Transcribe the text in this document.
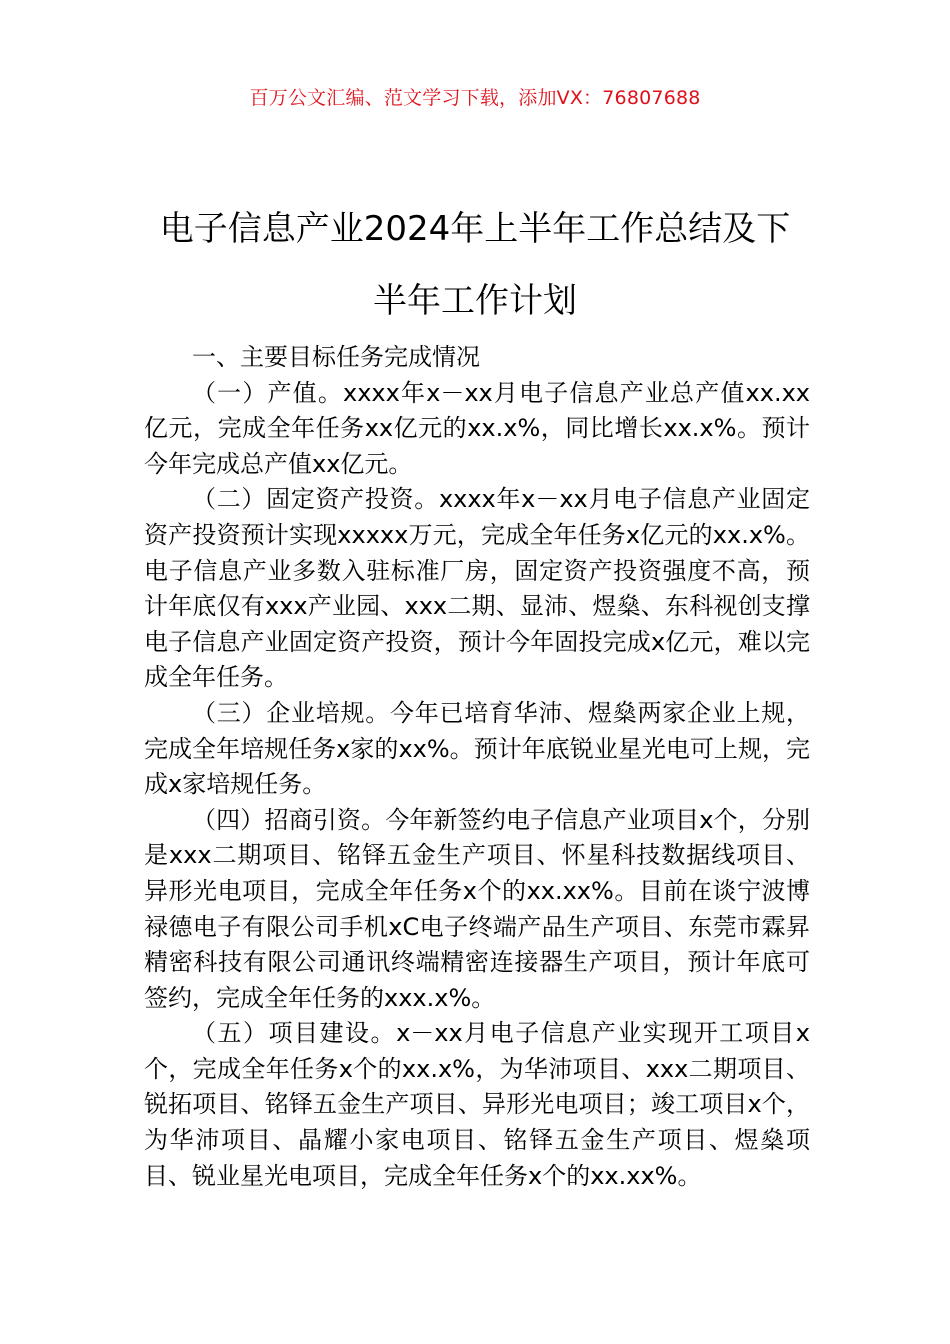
百万公文汇编、范文学习下载，添加VX：76807688
电子信息产业2024年上半年工作总结及下
半年工作计划

一、主要目标任务完成情况

（一）产值。xxxx年x－xx月电子信息产业总产值xx.xx亿元，完成全年任务xx亿元的xx.x%，同比增长xx.x%。预计今年完成总产值xx亿元。

（二）固定资产投资。xxxx年x－xx月电子信息产业固定资产投资预计实现xxxxx万元，完成全年任务x亿元的xx.x%。电子信息产业多数入驻标准厂房，固定资产投资强度不高，预计年底仅有xxx产业园、xxx二期、显沛、煜燊、东科视创支撑电子信息产业固定资产投资，预计今年固投完成x亿元，难以完成全年任务。

（三）企业培规。今年已培育华沛、煜燊两家企业上规，完成全年培规任务x家的xx%。预计年底锐业星光电可上规，完成x家培规任务。

（四）招商引资。今年新签约电子信息产业项目x个，分别是xxx二期项目、铭铎五金生产项目、怀星科技数据线项目、异形光电项目，完成全年任务x个的xx.xx%。目前在谈宁波博禄德电子有限公司手机xC电子终端产品生产项目、东莞市霖昇精密科技有限公司通讯终端精密连接器生产项目，预计年底可签约，完成全年任务的xxx.x%。

（五）项目建设。x－xx月电子信息产业实现开工项目x个，完成全年任务x个的xx.x%，为华沛项目、xxx二期项目、锐拓项目、铭铎五金生产项目、异形光电项目；竣工项目x个，为华沛项目、晶耀小家电项目、铭铎五金生产项目、煜燊项目、锐业星光电项目，完成全年任务x个的xx.xx%。
